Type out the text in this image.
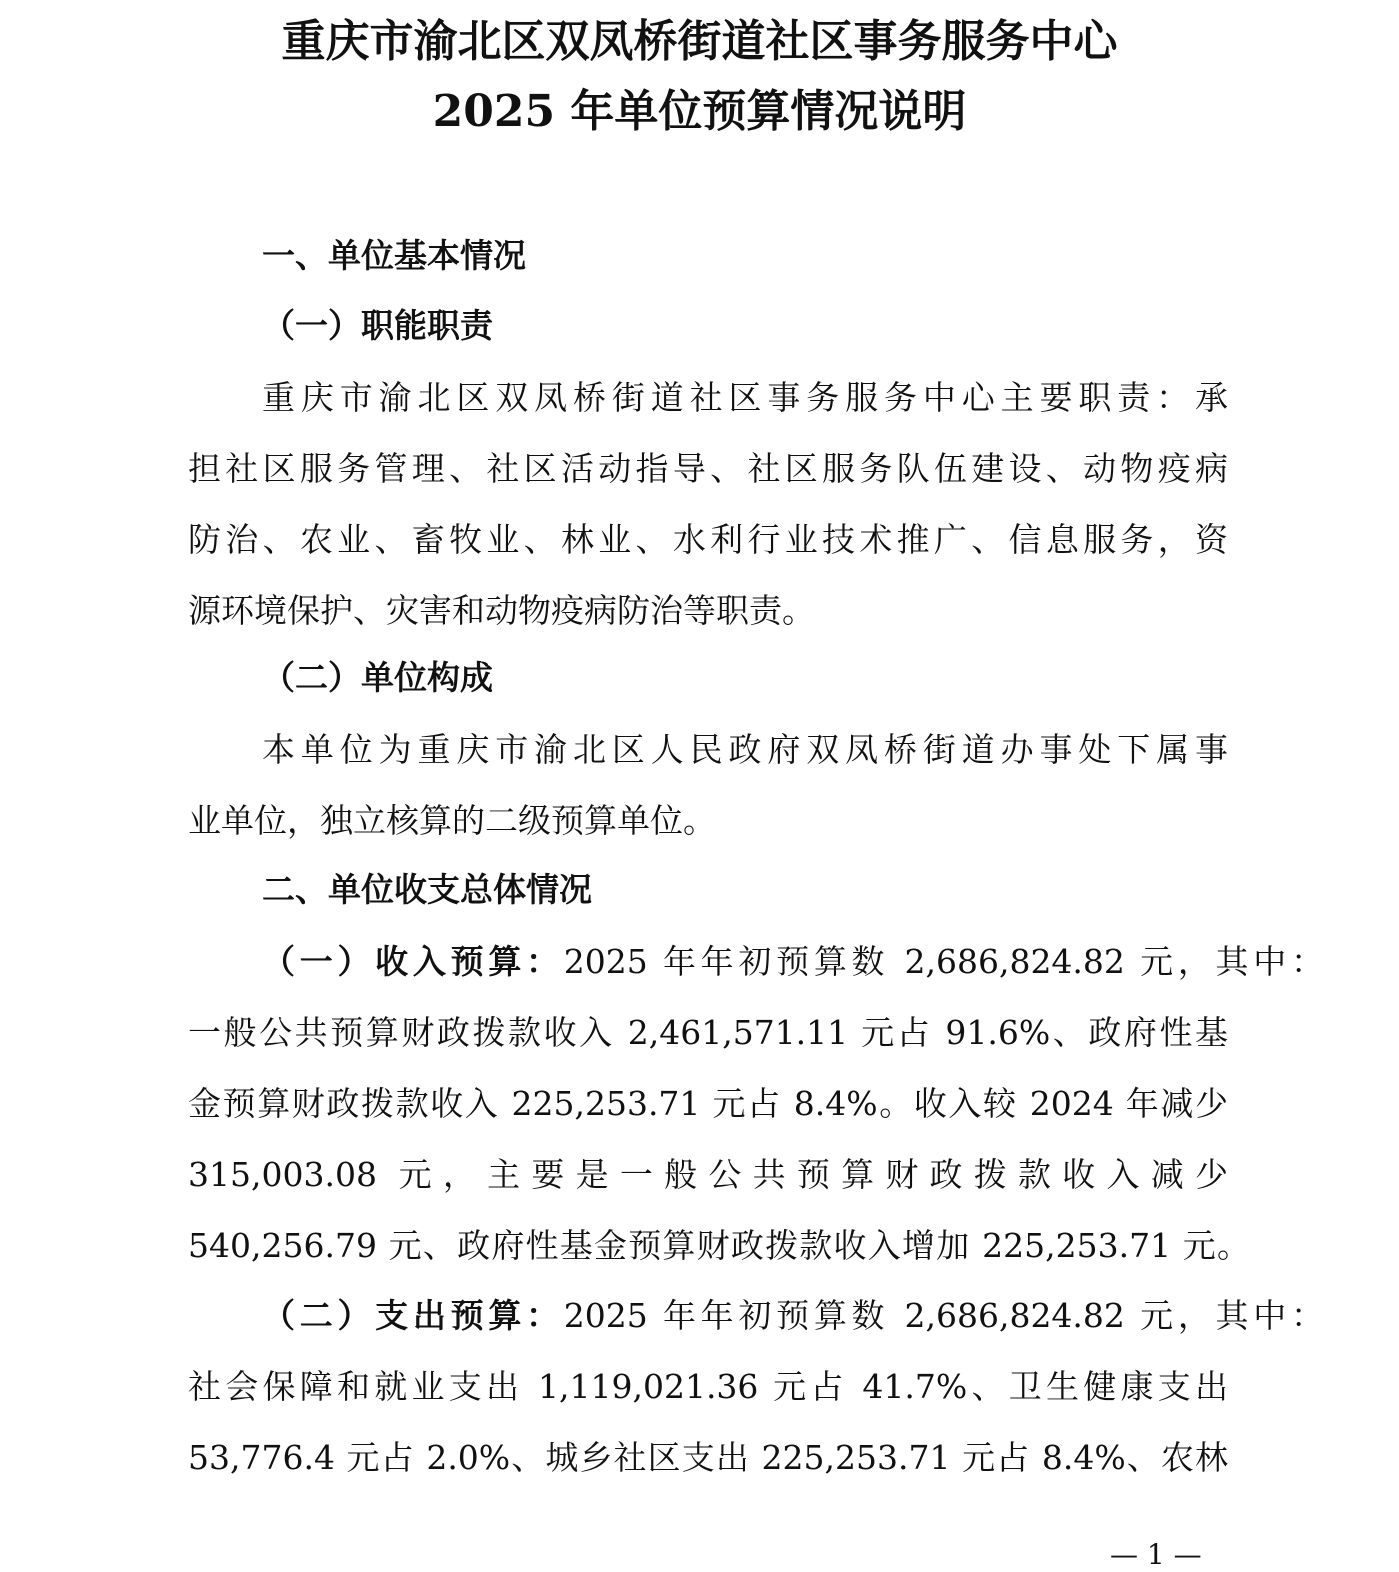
重庆市渝北区双凤桥街道社区事务服务中心
2025 年单位预算情况说明
一、单位基本情况
（一）职能职责
重庆市渝北区双凤桥街道社区事务服务中心主要职责：承
担社区服务管理、社区活动指导、社区服务队伍建设、动物疫病
防治、农业、畜牧业、林业、水利行业技术推广、信息服务，资
源环境保护、灾害和动物疫病防治等职责。
（二）单位构成
本单位为重庆市渝北区人民政府双凤桥街道办事处下属事
业单位，独立核算的二级预算单位。
二、单位收支总体情况
（一）收入预算：2025 年年初预算数 2,686,824.82 元，其中：
一般公共预算财政拨款收入 2,461,571.11 元占 91.6%、政府性基
金预算财政拨款收入 225,253.71 元占 8.4%。收入较 2024 年减少
315,003.08 元，主要是一般公共预算财政拨款收入减少
540,256.79 元、政府性基金预算财政拨款收入增加 225,253.71 元。
（二）支出预算：2025 年年初预算数 2,686,824.82 元，其中：
社会保障和就业支出 1,119,021.36 元占 41.7%、卫生健康支出
53,776.4 元占 2.0%、城乡社区支出 225,253.71 元占 8.4%、农林
— 1 —
